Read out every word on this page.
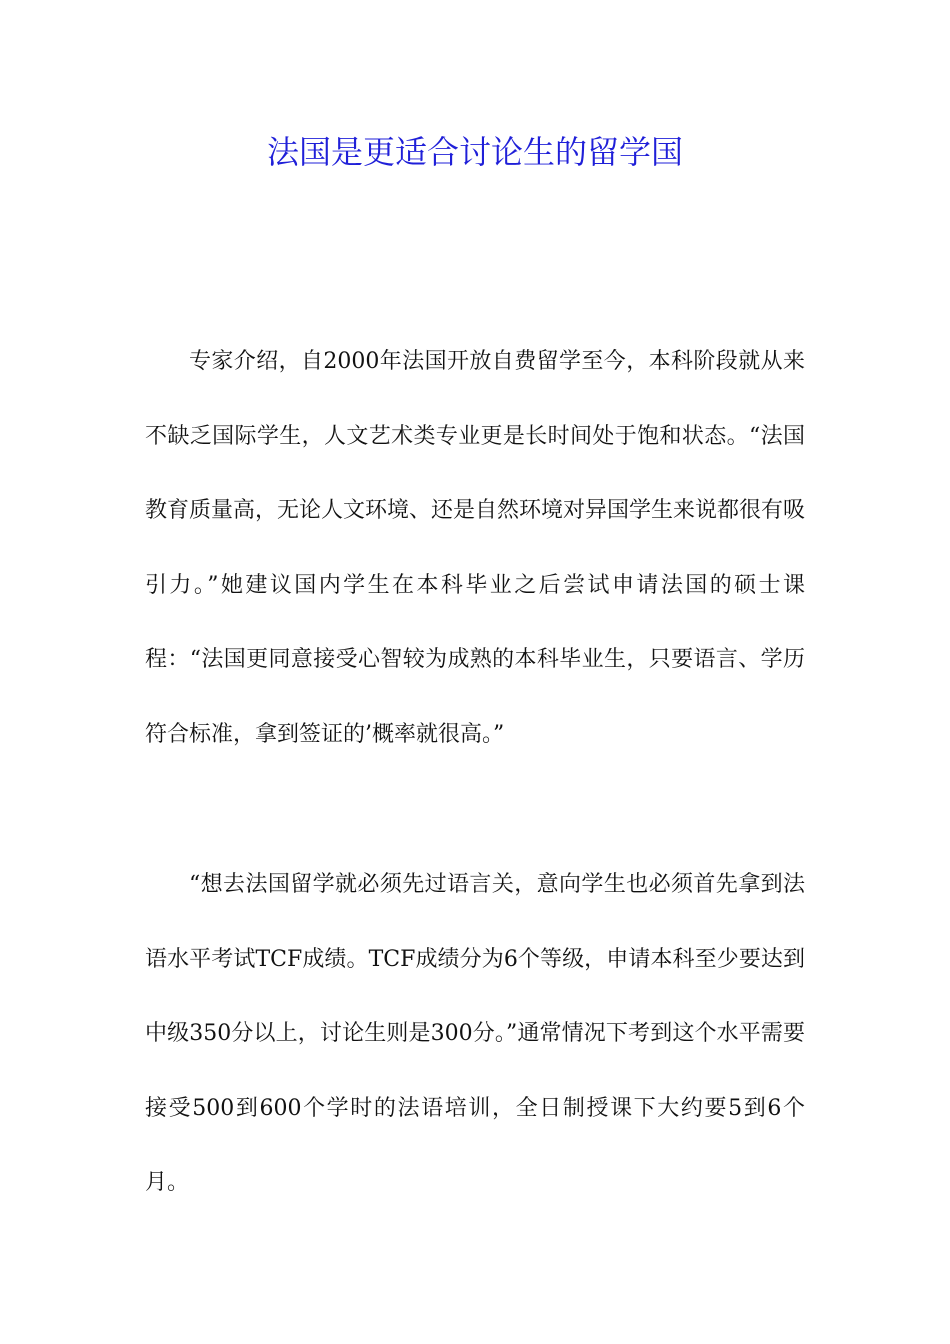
法国是更适合讨论生的留学国

专家介绍，自2000年法国开放自费留学至今，本科阶段就从来不缺乏国际学生，人文艺术类专业更是长时间处于饱和状态。“法国教育质量高，无论人文环境、还是自然环境对异国学生来说都很有吸引力。”她建议国内学生在本科毕业之后尝试申请法国的硕士课程：“法国更同意接受心智较为成熟的本科毕业生，只要语言、学历符合标准，拿到签证的’概率就很高。”

“想去法国留学就必须先过语言关，意向学生也必须首先拿到法语水平考试TCF成绩。TCF成绩分为6个等级，申请本科至少要达到中级350分以上，讨论生则是300分。”通常情况下考到这个水平需要接受500到600个学时的法语培训，全日制授课下大约要5到6个月。
